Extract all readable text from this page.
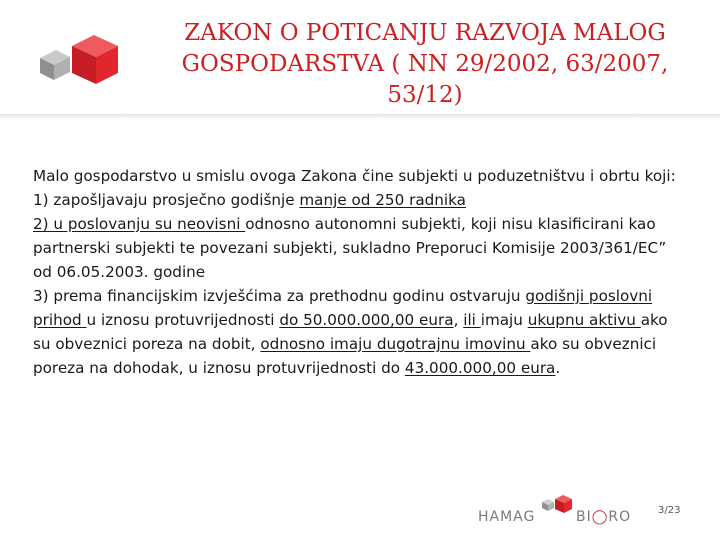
ZAKON O POTICANJU RAZVOJA MALOG GOSPODARSTVA ( NN 29/2002, 63/2007, 53/12)

Malo gospodarstvo u smislu ovoga Zakona čine subjekti u poduzetništvu i obrtu koji:

1) zapošljavaju prosječno godišnje manje od 250 radnika

2) u poslovanju su neovisni odnosno autonomni subjekti, koji nisu klasificirani kao partnerski subjekti te povezani subjekti, sukladno Preporuci Komisije 2003/361/EC” od 06.05.2003. godine

3) prema financijskim izvješćima za prethodnu godinu ostvaruju godišnji poslovni prihod u iznosu protuvrijednosti do 50.000.000,00 eura, ili imaju ukupnu aktivu ako su obveznici poreza na dobit, odnosno imaju dugotrajnu imovinu ako su obveznici poreza na dohodak, u iznosu protuvrijednosti do 43.000.000,00 eura.

HAMAG	BI◯RO	3/23
